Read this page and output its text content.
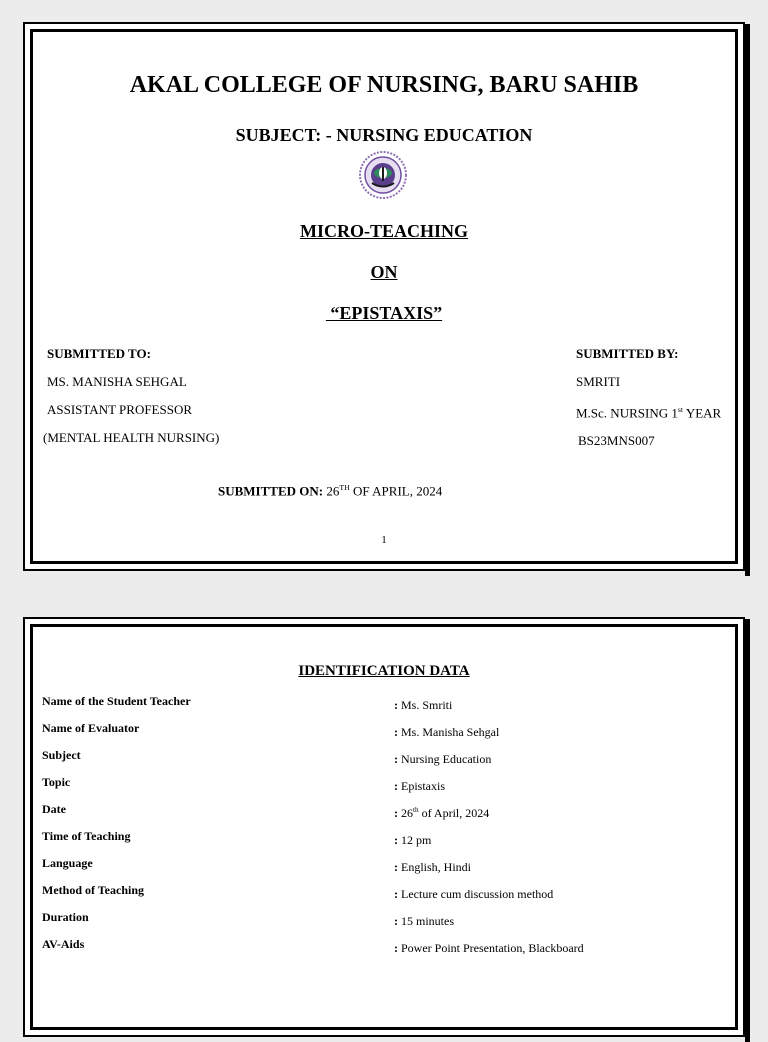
AKAL COLLEGE OF NURSING, BARU SAHIB
SUBJECT: - NURSING EDUCATION
MICRO-TEACHING
ON
“EPISTAXIS”
SUBMITTED TO:
MS. MANISHA SEHGAL
ASSISTANT PROFESSOR
(MENTAL HEALTH NURSING)
SUBMITTED BY:
SMRITI
M.Sc. NURSING 1st YEAR
BS23MNS007
SUBMITTED ON: 26TH OF APRIL, 2024
1
IDENTIFICATION DATA
Name of the Student Teacher	: Ms. Smriti
Name of Evaluator	: Ms. Manisha Sehgal
Subject	: Nursing Education
Topic	: Epistaxis
Date	: 26th of April, 2024
Time of Teaching	: 12 pm
Language	: English, Hindi
Method of Teaching	: Lecture cum discussion method
Duration	: 15 minutes
AV-Aids	: Power Point Presentation, Blackboard
